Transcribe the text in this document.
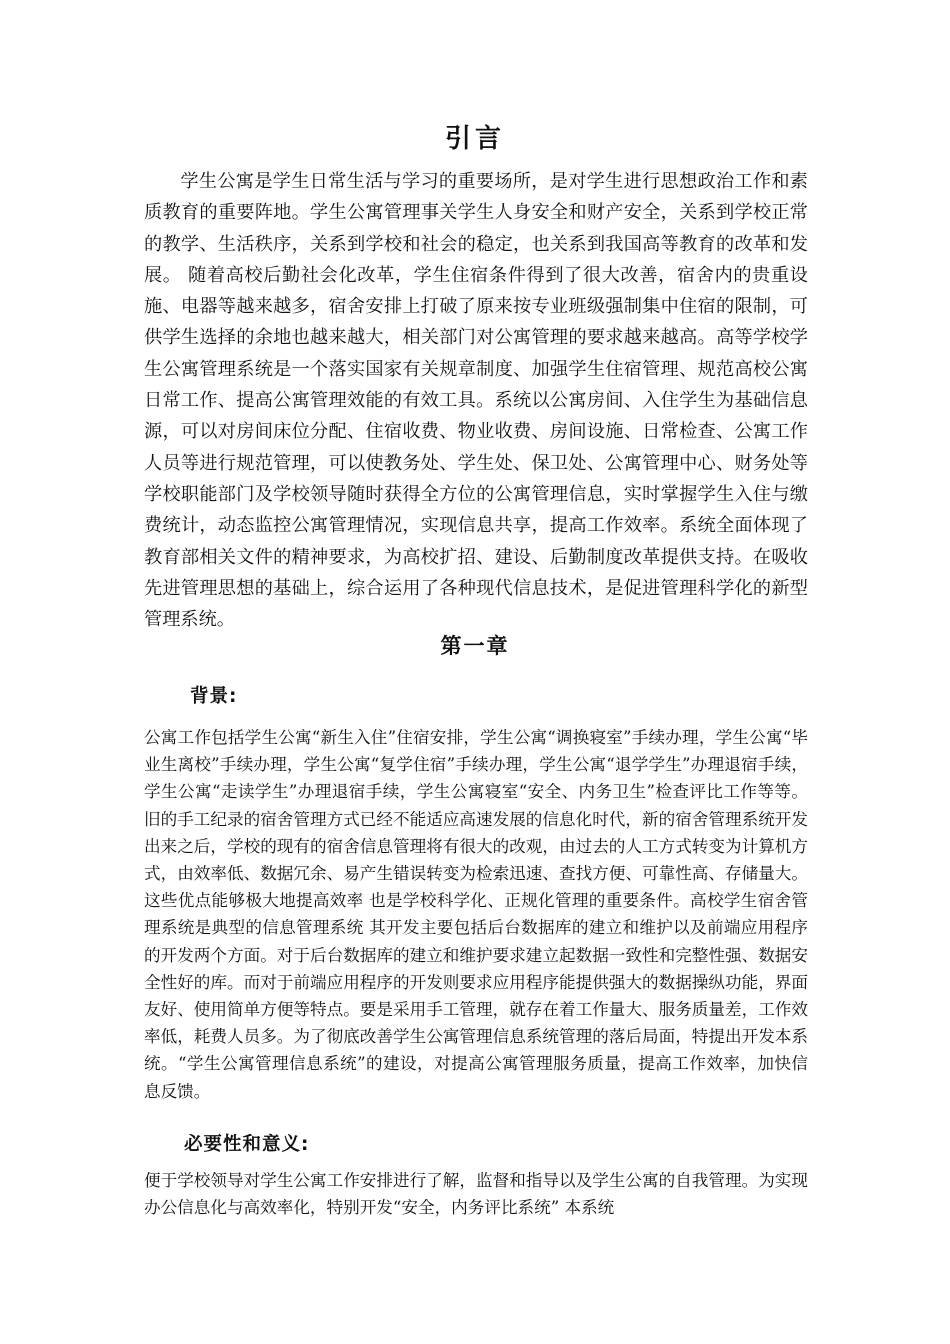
引言

学生公寓是学生日常生活与学习的重要场所，是对学生进行思想政治工作和素质教育的重要阵地。学生公寓管理事关学生人身安全和财产安全，关系到学校正常的教学、生活秩序，关系到学校和社会的稳定，也关系到我国高等教育的改革和发展。 随着高校后勤社会化改革，学生住宿条件得到了很大改善，宿舍内的贵重设施、电器等越来越多，宿舍安排上打破了原来按专业班级强制集中住宿的限制，可供学生选择的余地也越来越大，相关部门对公寓管理的要求越来越高。高等学校学生公寓管理系统是一个落实国家有关规章制度、加强学生住宿管理、规范高校公寓日常工作、提高公寓管理效能的有效工具。系统以公寓房间、入住学生为基础信息源，可以对房间床位分配、住宿收费、物业收费、房间设施、日常检查、公寓工作人员等进行规范管理，可以使教务处、学生处、保卫处、公寓管理中心、财务处等学校职能部门及学校领导随时获得全方位的公寓管理信息，实时掌握学生入住与缴费统计，动态监控公寓管理情况，实现信息共享，提高工作效率。系统全面体现了教育部相关文件的精神要求，为高校扩招、建设、后勤制度改革提供支持。在吸收先进管理思想的基础上，综合运用了各种现代信息技术，是促进管理科学化的新型管理系统。

第一章
背景:

公寓工作包括学生公寓“新生入住”住宿安排，学生公寓“调换寝室”手续办理，学生公寓“毕业生离校”手续办理，学生公寓“复学住宿”手续办理，学生公寓“退学学生”办理退宿手续，学生公寓“走读学生”办理退宿手续，学生公寓寝室“安全、内务卫生”检查评比工作等等。旧的手工纪录的宿舍管理方式已经不能适应高速发展的信息化时代，新的宿舍管理系统开发出来之后，学校的现有的宿舍信息管理将有很大的改观，由过去的人工方式转变为计算机方式，由效率低、数据冗余、易产生错误转变为检索迅速、查找方便、可靠性高、存储量大。这些优点能够极大地提高效率 也是学校科学化、正规化管理的重要条件。高校学生宿舍管理系统是典型的信息管理系统 其开发主要包括后台数据库的建立和维护以及前端应用程序的开发两个方面。对于后台数据库的建立和维护要求建立起数据一致性和完整性强、数据安全性好的库。而对于前端应用程序的开发则要求应用程序能提供强大的数据操纵功能，界面友好、使用简单方便等特点。要是采用手工管理，就存在着工作量大、服务质量差，工作效率低，耗费人员多。为了彻底改善学生公寓管理信息系统管理的落后局面，特提出开发本系统。“学生公寓管理信息系统”的建设，对提高公寓管理服务质量，提高工作效率，加快信息反馈。

必要性和意义:

便于学校领导对学生公寓工作安排进行了解，监督和指导以及学生公寓的自我管理。为实现办公信息化与高效率化，特别开发“安全，内务评比系统” 本系统
